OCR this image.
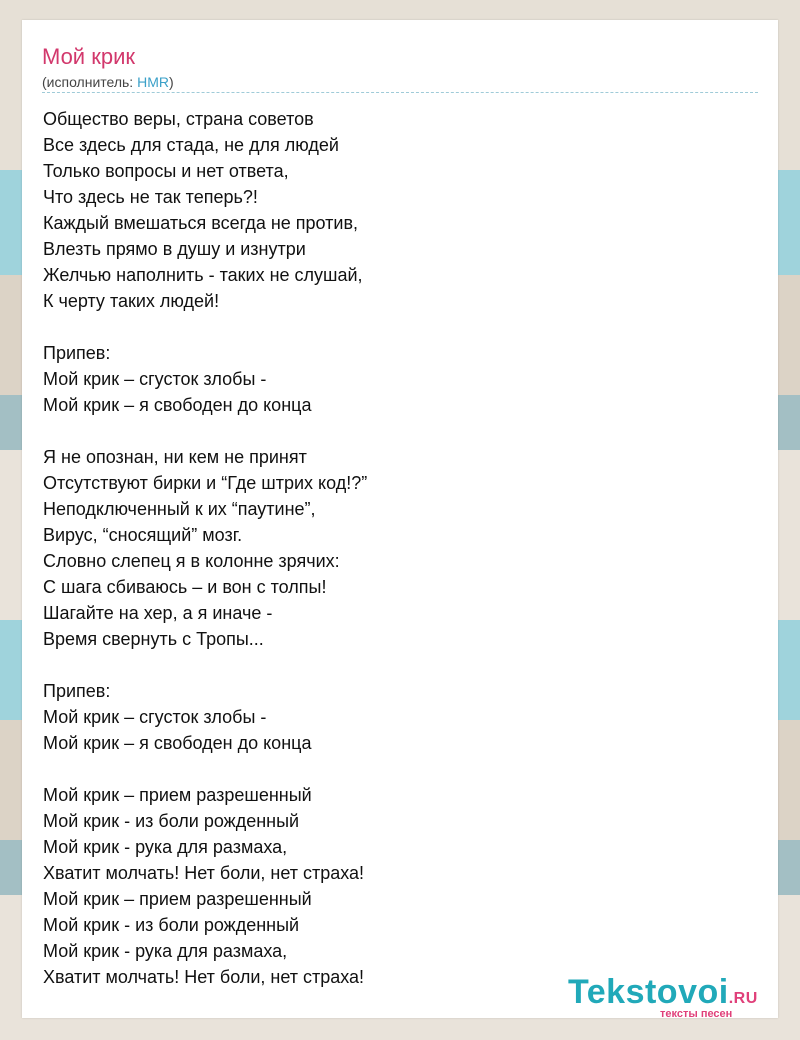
Мой крик
(исполнитель: HMR)
Общество веры, страна советов
Все здесь для стада, не для людей
Только вопросы и нет ответа,
Что здесь не так теперь?!
Каждый вмешаться всегда не против,
Влезть прямо в душу и изнутри
Желчью наполнить - таких не слушай,
К черту таких людей!
Припев:
Мой крик – сгусток злобы -
Мой крик – я свободен до конца
Я не опознан, ни кем не принят
Отсутствуют бирки и “Где штрих код!?”
Неподключенный к их “паутине”,
Вирус, “сносящий” мозг.
Словно слепец я в колонне зрячих:
С шага сбиваюсь – и вон с толпы!
Шагайте на хер, а я иначе -
Время свернуть с Тропы...
Припев:
Мой крик – сгусток злобы -
Мой крик – я свободен до конца
Мой крик – прием разрешенный
Мой крик - из боли рожденный
Мой крик - рука для размаха,
Хватит молчать! Нет боли, нет страха!
Мой крик – прием разрешенный
Мой крик - из боли рожденный
Мой крик - рука для размаха,
Хватит молчать! Нет боли, нет страха!	Tekstovoi.RU
тексты песен
